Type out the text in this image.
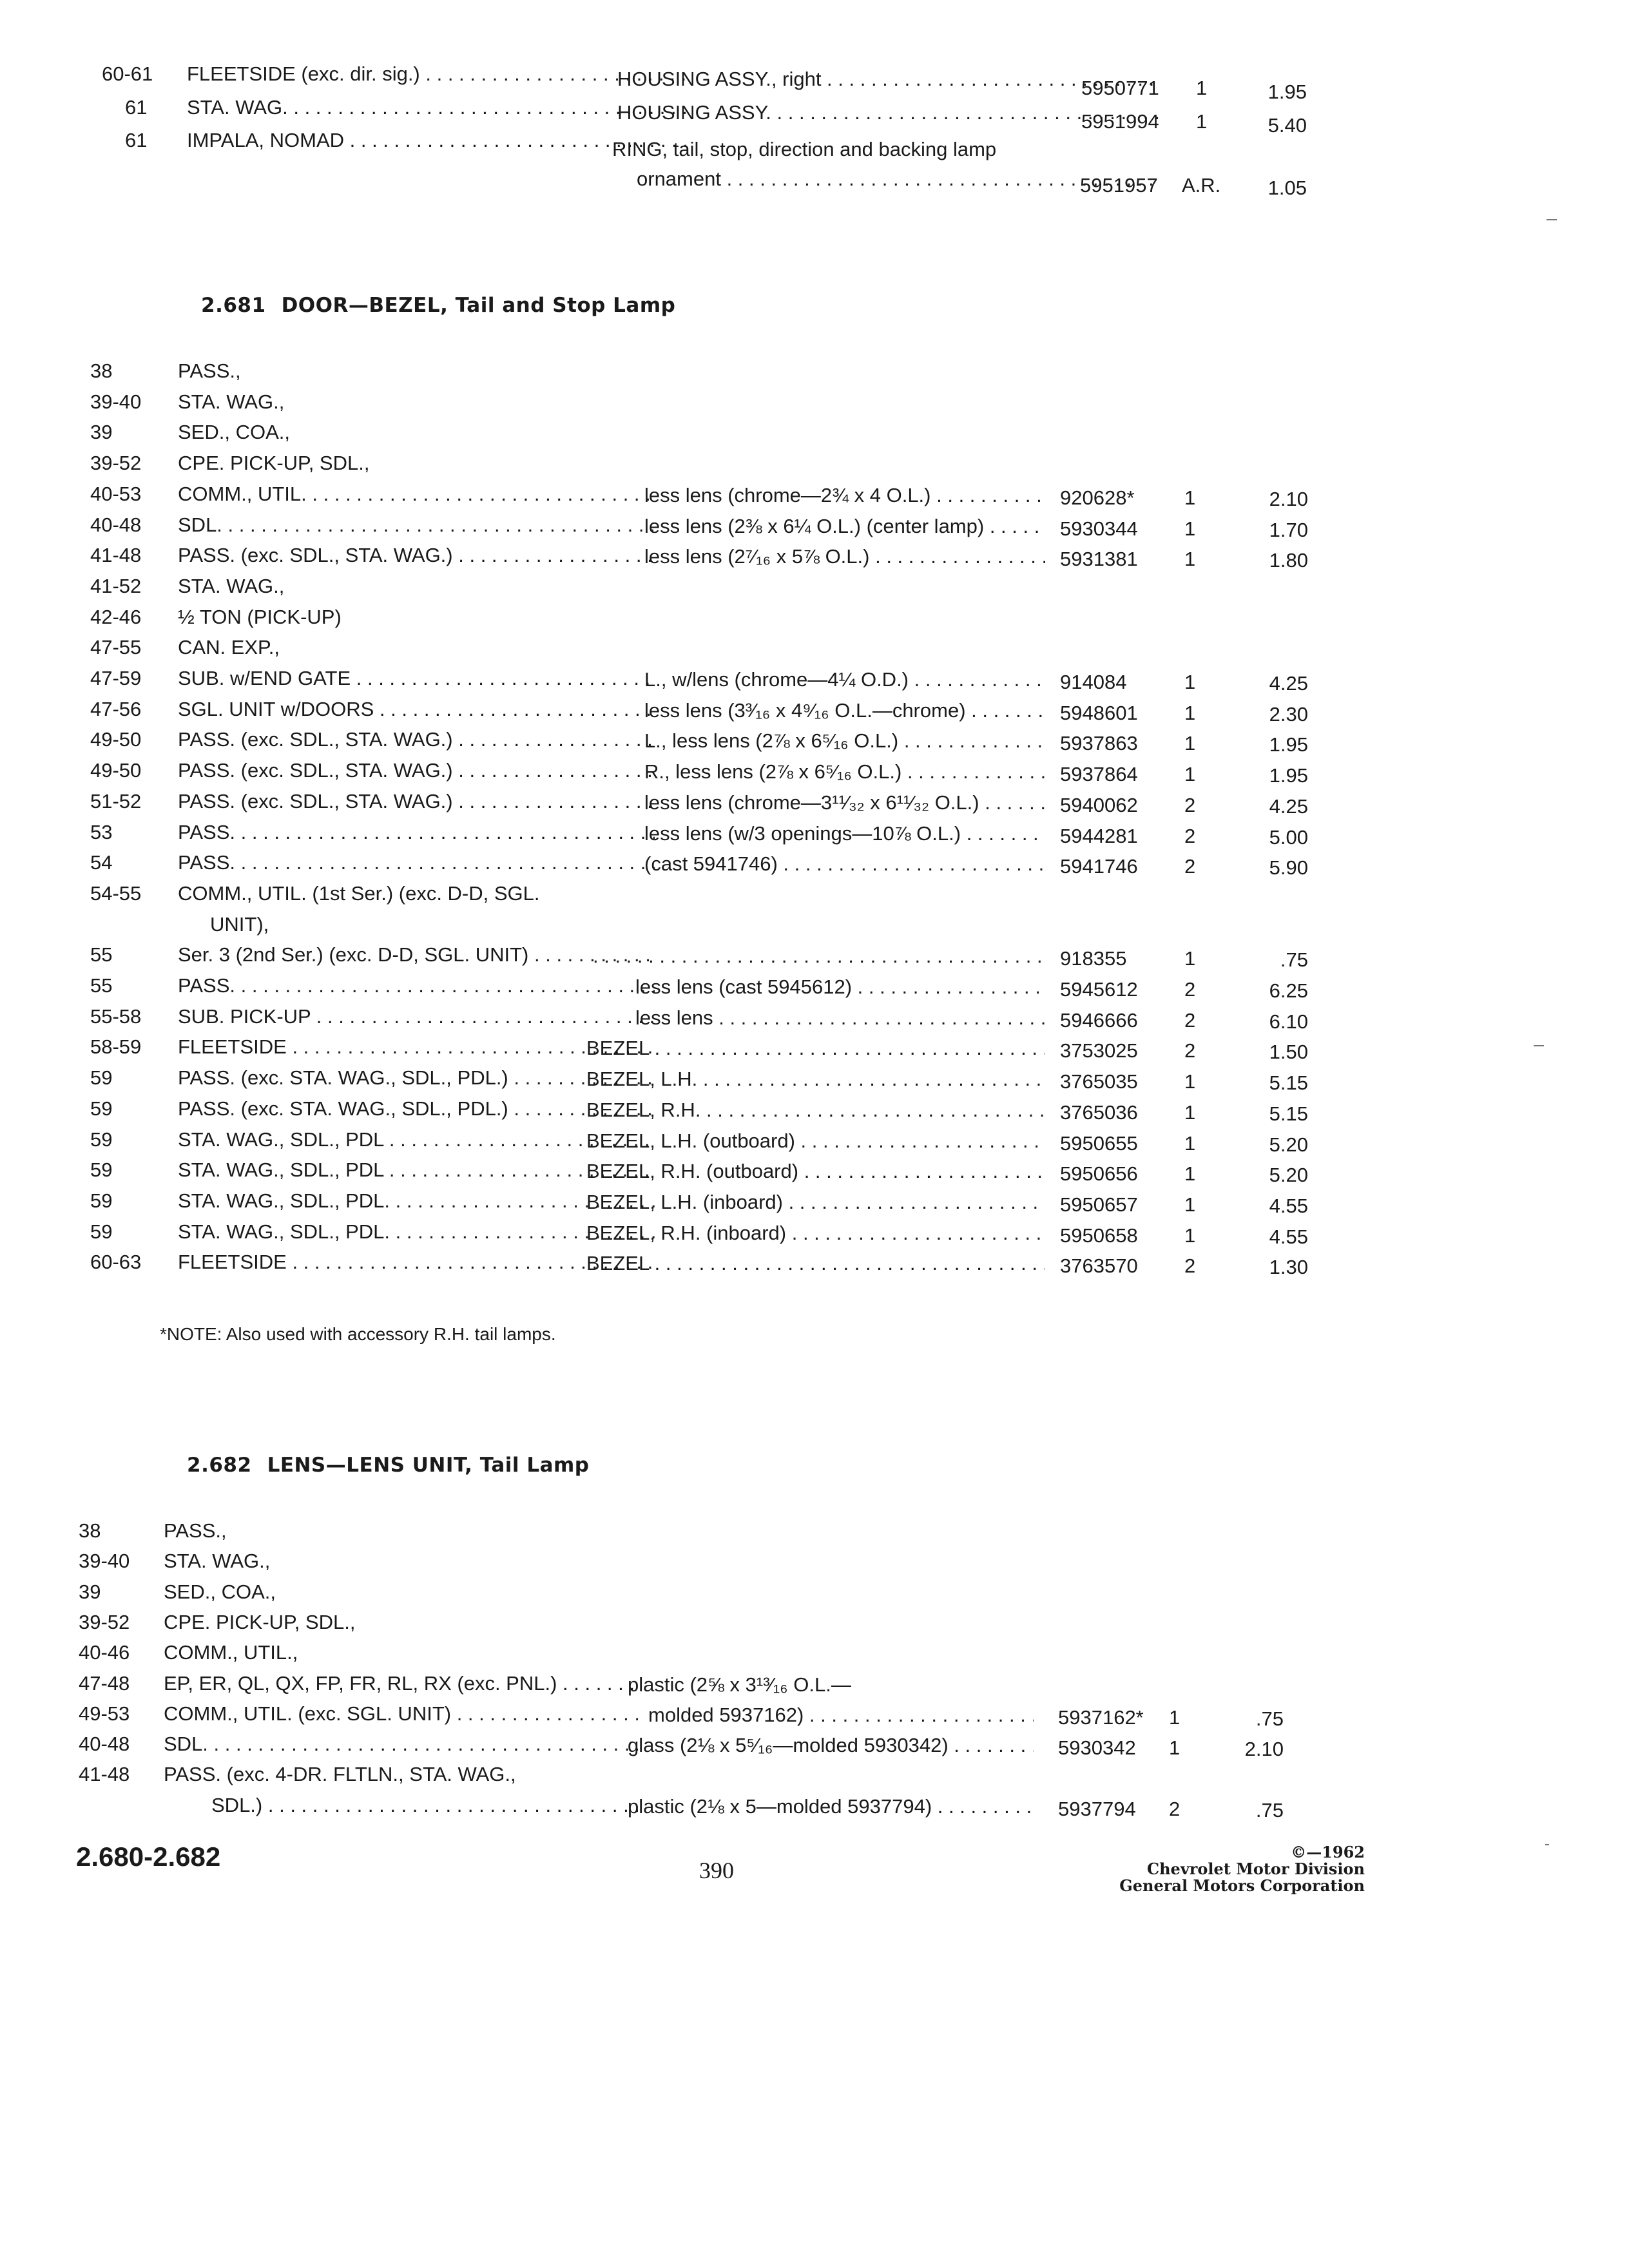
60-61 FLEETSIDE (exc. dir. sig.) . . .	HOUSING ASSY., right . . .	5950771 1	1.95
61 STA. WAG. . . .	HOUSING ASSY. . . .	5951994 1	5.40
61 IMPALA, NOMAD . . .	RING, tail, stop, direction and backing lamp
ornament . . .	5951957 A.R.	1.05
2.681 DOOR—BEZEL, Tail and Stop Lamp
38	PASS.,
39-40 STA. WAG.,
39	SED., COA.,
39-52 CPE. PICK-UP, SDL.,
40-53 COMM., UTIL. . . .	less lens (chrome—2¾ x 4 O.L.) . . .	920628* 1	2.10
40-48 SDL. . . .	less lens (2⅜ x 6¼ O.L.) (center lamp) . . .	5930344 1	1.70
41-48 PASS. (exc. SDL., STA. WAG.) . . .	less lens (2⁷⁄₁₆ x 5⅞ O.L.) . . .	5931381 1	1.80
41-52 STA. WAG.,
42-46 ½ TON (PICK-UP)
47-55 CAN. EXP.,
47-59 SUB. w/END GATE . . .	L., w/lens (chrome—4¼ O.D.) . . .	914084	1	4.25
47-56 SGL. UNIT w/DOORS . . .	less lens (3³⁄₁₆ x 4⁹⁄₁₆ O.L.—chrome) . . .	5948601 1	2.30
49-50 PASS. (exc. SDL., STA. WAG.) . . .	L., less lens (2⅞ x 6⁵⁄₁₆ O.L.) . . .	5937863 1	1.95
49-50 PASS. (exc. SDL., STA. WAG.) . . .	R., less lens (2⅞ x 6⁵⁄₁₆ O.L.) . . .	5937864 1	1.95
51-52 PASS. (exc. SDL., STA. WAG.) . . .	less lens (chrome—3¹¹⁄₃₂ x 6¹¹⁄₃₂ O.L.) . . .	5940062 2	4.25
53	PASS. . . .	less lens (w/3 openings—10⅞ O.L.) . . .	5944281 2	5.00
54	PASS. . . .	(cast 5941746) . . .	5941746 2	5.90
54-55 COMM., UTIL. (1st Ser.) (exc. D-D, SGL.
UNIT),
55	Ser. 3 (2nd Ser.) (exc. D-D, SGL. UNIT) . . .
. . .	918355	1	.75
55	PASS. . . .	less lens (cast 5945612) . . .	5945612 2	6.25
55-58 SUB. PICK-UP . . .	less lens . . .	5946666 2	6.10
58-59 FLEETSIDE . . .	BEZEL . . .	3753025 2	1.50
59	PASS. (exc. STA. WAG., SDL., PDL.) . . .	BEZEL, L.H. . . .	3765035 1	5.15
59	PASS. (exc. STA. WAG., SDL., PDL.) . . .	BEZEL, R.H. . . .	3765036 1	5.15
59	STA. WAG., SDL., PDL . . .	BEZEL, L.H. (outboard) . . .	5950655 1	5.20
59	STA. WAG., SDL., PDL . . .	BEZEL, R.H. (outboard) . . .	5950656 1	5.20
59	STA. WAG., SDL., PDL. . . .	BEZEL, L.H. (inboard) . . .	5950657 1	4.55
59	STA. WAG., SDL., PDL. . . .	BEZEL, R.H. (inboard) . . .	5950658 1	4.55
60-63 FLEETSIDE . . .	BEZEL . . .	3763570 2	1.30
*NOTE: Also used with accessory R.H. tail lamps.
2.682 LENS—LENS UNIT, Tail Lamp
38	PASS.,
39-40 STA. WAG.,
39	SED., COA.,
39-52 CPE. PICK-UP, SDL.,
40-46 COMM., UTIL.,
47-48 EP, ER, QL, QX, FP, FR, RL, RX (exc. PNL.) . . .	plastic (2⅝ x 3¹³⁄₁₆ O.L.—
49-53 COMM., UTIL. (exc. SGL. UNIT) . . .	molded 5937162) . . .	5937162* 1	.75
40-48 SDL. . . .	glass (2⅛ x 5⁵⁄₁₆—molded 5930342) . . .	5930342 1	2.10
41-48 PASS. (exc. 4-DR. FLTLN., STA. WAG.,
SDL.) . . .	plastic (2⅛ x 5—molded 5937794) . . .	5937794 2	.75
2.680-2.682	390
©—1962
Chevrolet Motor Division
General Motors Corporation
